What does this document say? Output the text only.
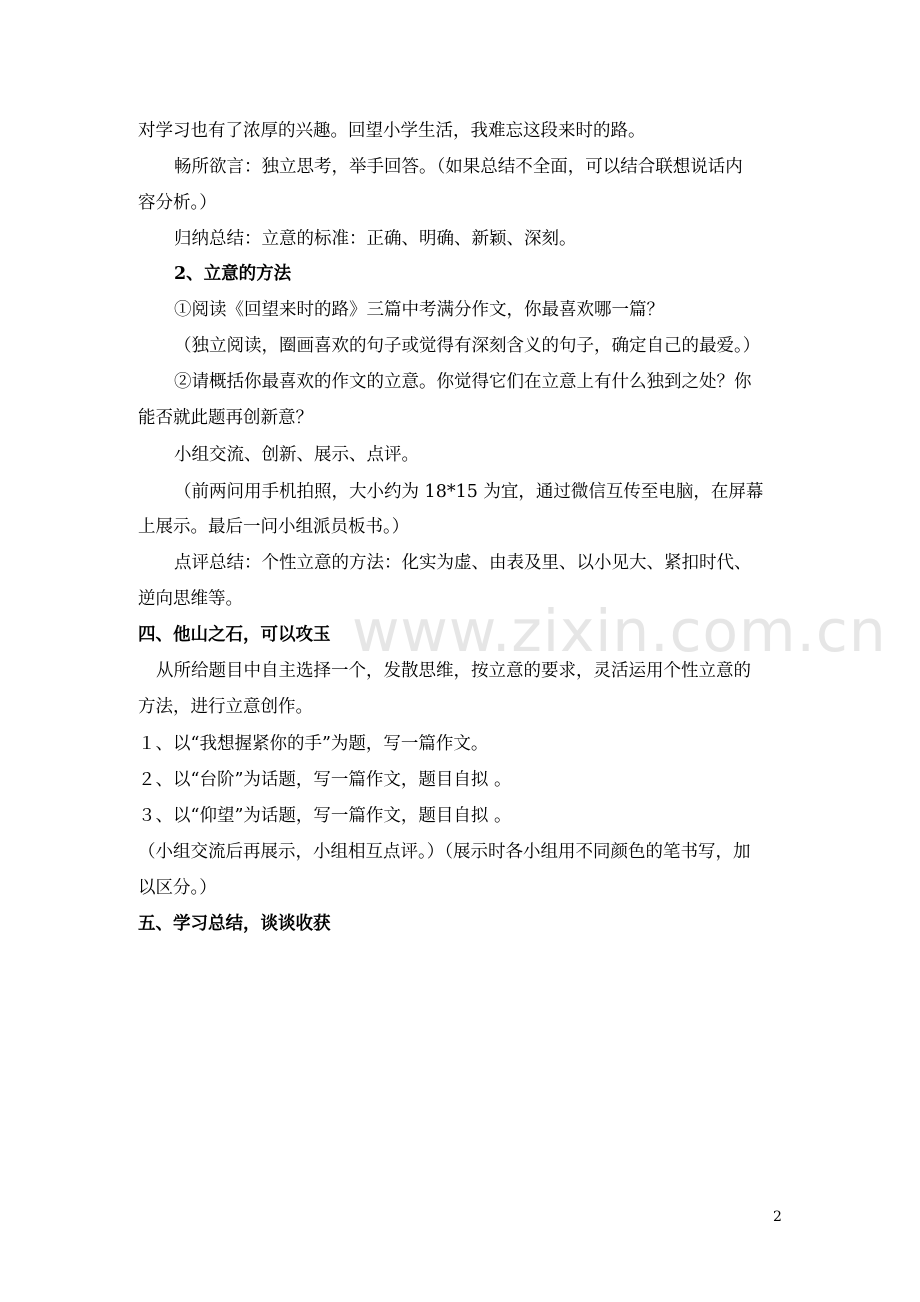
www.zixin.com.cn
对学习也有了浓厚的兴趣。回望小学生活，我难忘这段来时的路。
畅所欲言：独立思考，举手回答。（如果总结不全面，可以结合联想说话内
容分析。）
归纳总结：立意的标准：正确、明确、新颖、深刻。
2、立意的方法
①阅读《回望来时的路》三篇中考满分作文，你最喜欢哪一篇？
（独立阅读，圈画喜欢的句子或觉得有深刻含义的句子，确定自己的最爱。）
②请概括你最喜欢的作文的立意。你觉得它们在立意上有什么独到之处？你
能否就此题再创新意？
小组交流、创新、展示、点评。
（前两问用手机拍照，大小约为 18*15 为宜，通过微信互传至电脑，在屏幕
上展示。最后一问小组派员板书。）
点评总结：个性立意的方法：化实为虚、由表及里、以小见大、紧扣时代、
逆向思维等。
四、他山之石，可以攻玉
从所给题目中自主选择一个，发散思维，按立意的要求，灵活运用个性立意的
方法，进行立意创作。
１、以“我想握紧你的手”为题，写一篇作文。
２、以“台阶”为话题，写一篇作文，题目自拟 。
３、以“仰望”为话题，写一篇作文，题目自拟 。
（小组交流后再展示，小组相互点评。）（展示时各小组用不同颜色的笔书写，加
以区分。）
五、学习总结，谈谈收获
2
